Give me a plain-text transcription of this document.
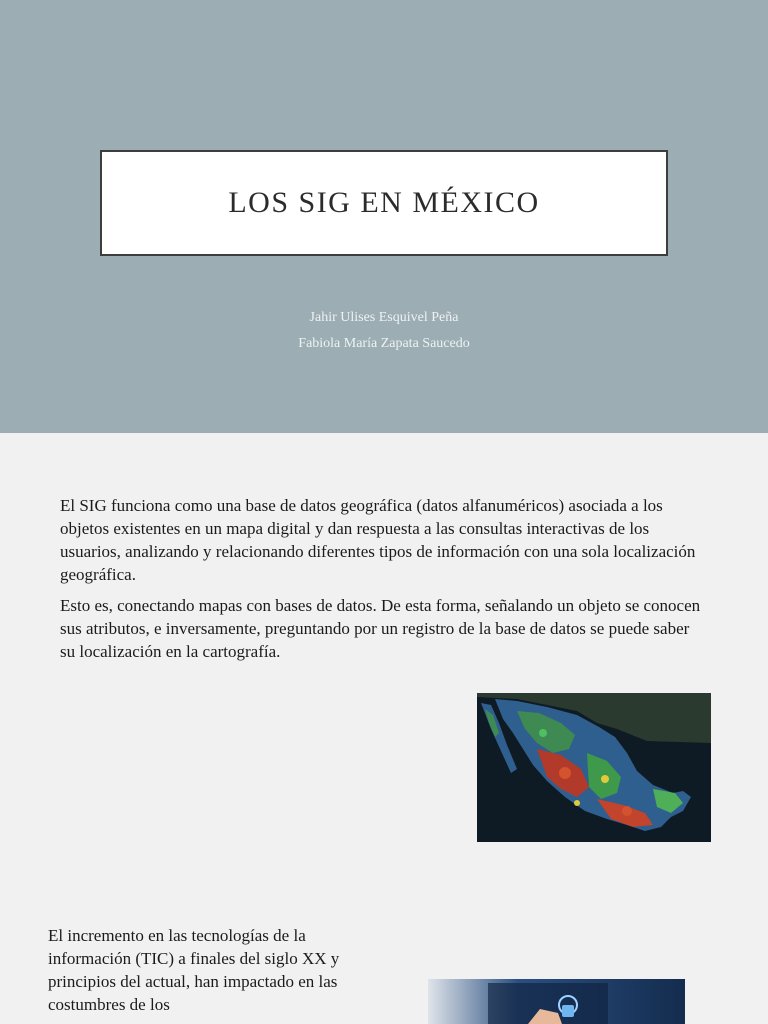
LOS SIG EN MÉXICO
Jahir Ulises Esquivel Peña
Fabiola María Zapata Saucedo

El SIG funciona como una base de datos geográfica (datos alfanuméricos) asociada a los objetos existentes en un mapa digital y dan respuesta a las consultas interactivas de los usuarios, analizando y relacionando diferentes tipos de información con una sola localización geográfica.

Esto es, conectando mapas con bases de datos. De esta forma, señalando un objeto se conocen sus atributos, e inversamente, preguntando por un registro de la base de datos se puede saber su localización en la cartografía.

El incremento en las tecnologías de la información (TIC) a finales del siglo XX y principios del actual, han impactado en las costumbres de los
